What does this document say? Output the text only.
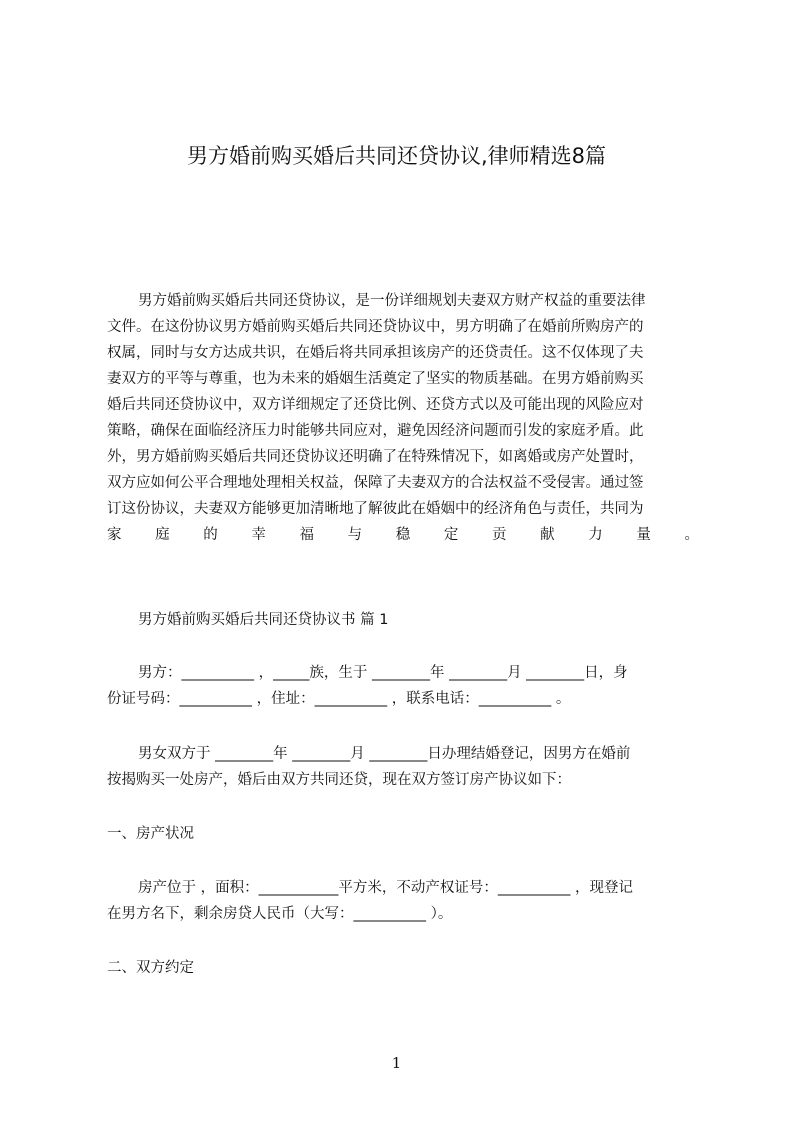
男方婚前购买婚后共同还贷协议,律师精选8篇
男方婚前购买婚后共同还贷协议，是一份详细规划夫妻双方财产权益的重要法律
文件。在这份协议男方婚前购买婚后共同还贷协议中，男方明确了在婚前所购房产的
权属，同时与女方达成共识，在婚后将共同承担该房产的还贷责任。这不仅体现了夫
妻双方的平等与尊重，也为未来的婚姻生活奠定了坚实的物质基础。在男方婚前购买
婚后共同还贷协议中，双方详细规定了还贷比例、还贷方式以及可能出现的风险应对
策略，确保在面临经济压力时能够共同应对，避免因经济问题而引发的家庭矛盾。此
外，男方婚前购买婚后共同还贷协议还明确了在特殊情况下，如离婚或房产处置时，
双方应如何公平合理地处理相关权益，保障了夫妻双方的合法权益不受侵害。通过签
订这份协议，夫妻双方能够更加清晰地了解彼此在婚姻中的经济角色与责任，共同为
家 庭 的 幸 福 与 稳 定 贡 献 力 量 。
男方婚前购买婚后共同还贷协议书 篇 1
男方：__________ ，_____族，生于 ________年 ________月 ________日，身
份证号码：__________ ，住址：__________ ，联系电话：__________ 。
男女双方于 ________年 ________月 ________日办理结婚登记，因男方在婚前
按揭购买一处房产，婚后由双方共同还贷，现在双方签订房产协议如下：
一、房产状况
房产位于 ，面积：___________平方米，不动产权证号：__________ ，现登记
在男方名下，剩余房贷人民币（大写：__________ ）。
二、双方约定
1
